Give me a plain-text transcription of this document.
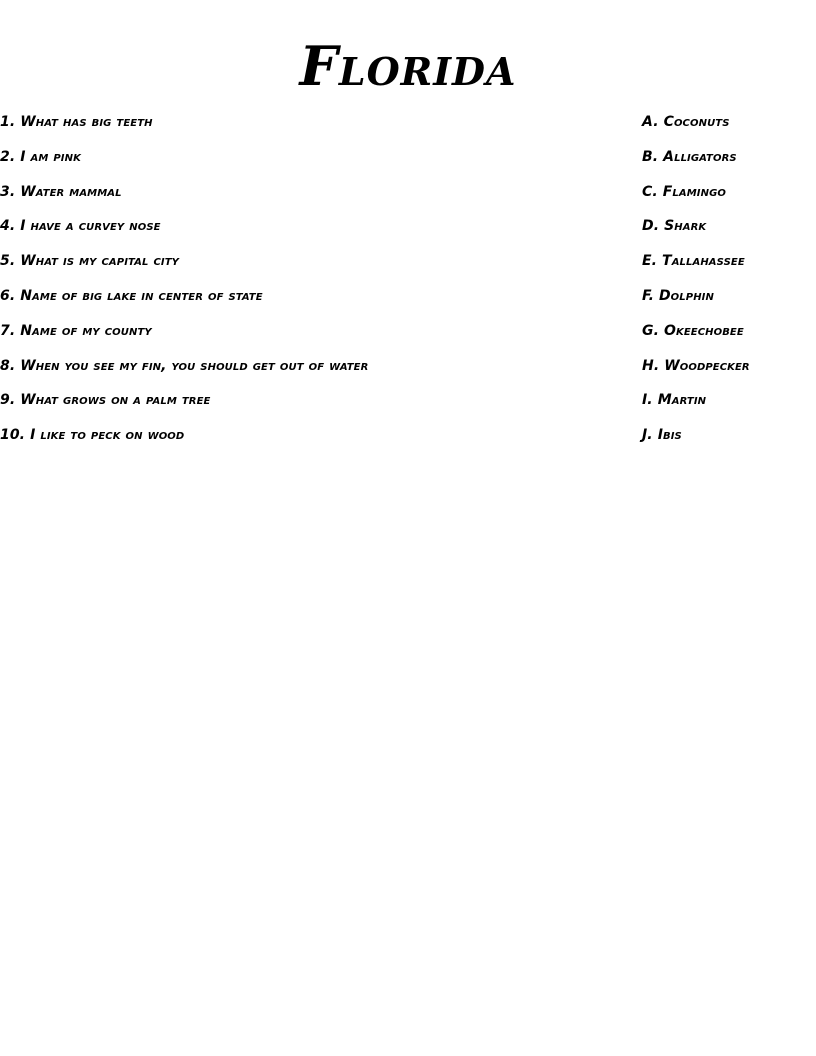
Florida
1. What has big teeth
2. I am pink
3. Water mammal
4. I have a curvey nose
5. What is my capital city
6. Name of big lake in center of state
7. Name of my county
8. When you see my fin, you should get out of water
9. What grows on a palm tree
10. I like to peck on wood
A. Coconuts
B. Alligators
C. Flamingo
D. Shark
E. Tallahassee
F. Dolphin
G. Okeechobee
H. Woodpecker
I. Martin
J. Ibis
